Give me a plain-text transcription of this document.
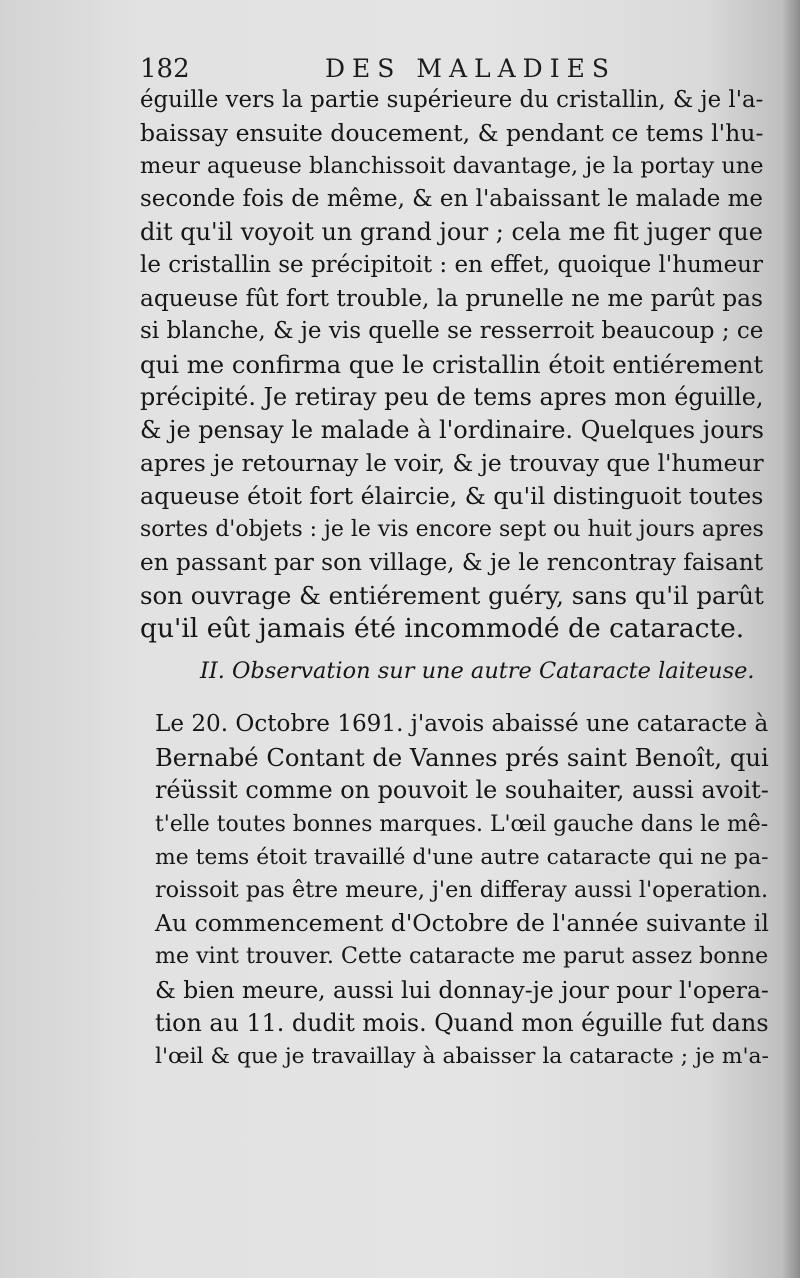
182	DES MALADIES
éguille vers la partie supérieure du cristallin, & je l'a-
baissay ensuite doucement, & pendant ce tems l'hu-
meur aqueuse blanchissoit davantage, je la portay une
seconde fois de même, & en l'abaissant le malade me
dit qu'il voyoit un grand jour ; cela me fit juger que
le cristallin se précipitoit : en effet, quoique l'humeur
aqueuse fût fort trouble, la prunelle ne me parût pas
si blanche, & je vis quelle se resserroit beaucoup ; ce
qui me confirma que le cristallin étoit entiérement
précipité. Je retiray peu de tems apres mon éguille,
& je pensay le malade à l'ordinaire. Quelques jours
apres je retournay le voir, & je trouvay que l'humeur
aqueuse étoit fort élaircie, & qu'il distinguoit toutes
sortes d'objets : je le vis encore sept ou huit jours apres
en passant par son village, & je le rencontray faisant
son ouvrage & entiérement guéry, sans qu'il parût
qu'il eût jamais été incommodé de cataracte.
II. Observation sur une autre Cataracte laiteuse.
Le 20. Octobre 1691. j'avois abaissé une cataracte à
Bernabé Contant de Vannes prés saint Benoît, qui
réüssit comme on pouvoit le souhaiter, aussi avoit-
t'elle toutes bonnes marques. L'œil gauche dans le mê-
me tems étoit travaillé d'une autre cataracte qui ne pa-
roissoit pas être meure, j'en differay aussi l'operation.
Au commencement d'Octobre de l'année suivante il
me vint trouver. Cette cataracte me parut assez bonne
& bien meure, aussi lui donnay-je jour pour l'opera-
tion au 11. dudit mois. Quand mon éguille fut dans
l'œil & que je travaillay à abaisser la cataracte ; je m'a-
